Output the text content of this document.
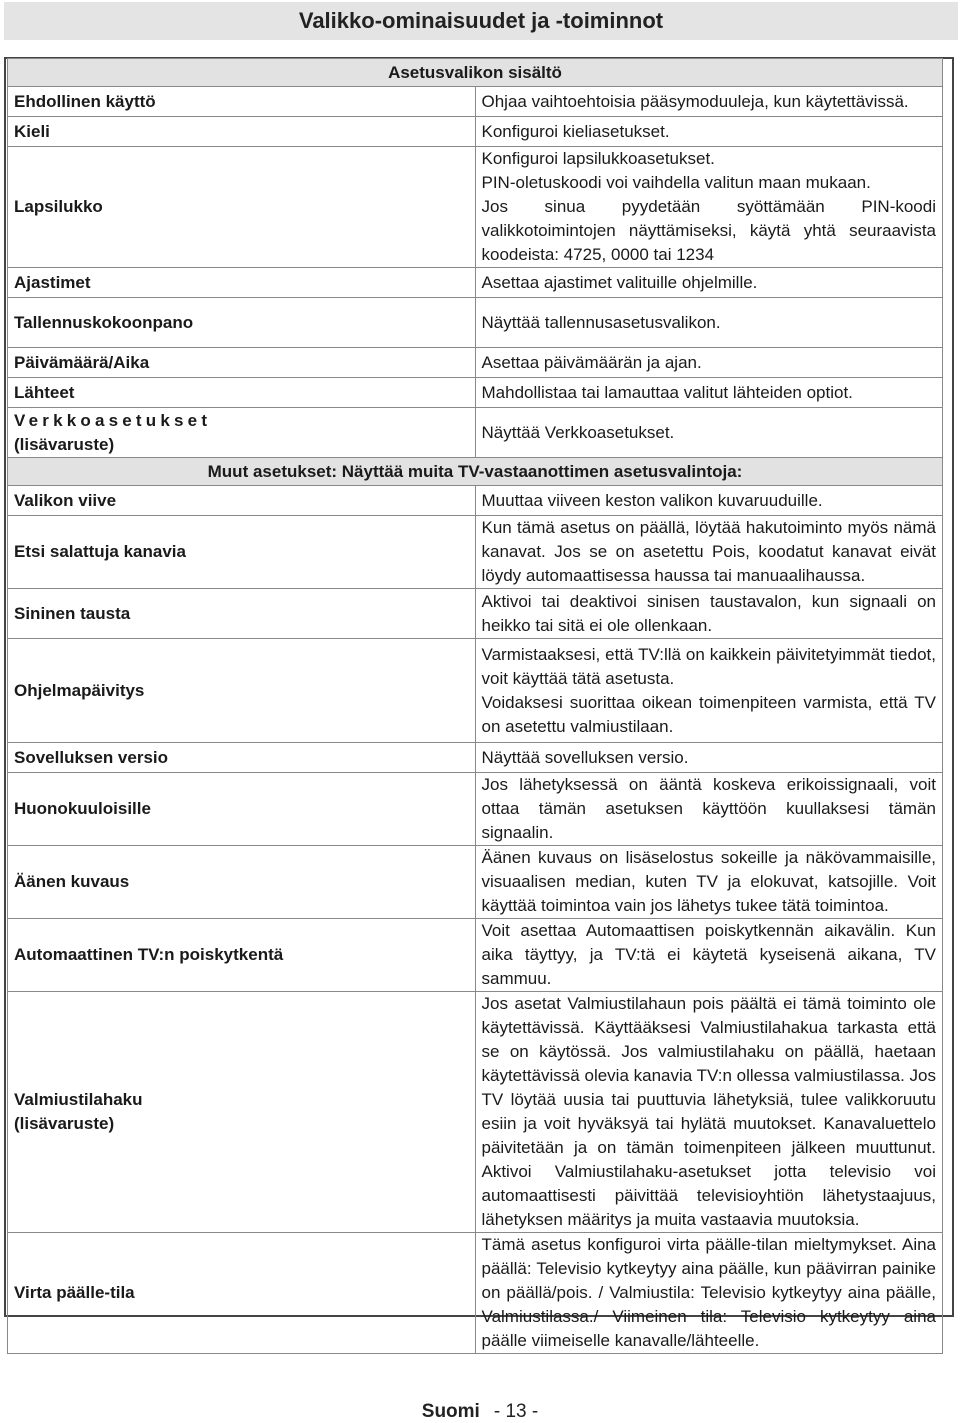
Valikko-ominaisuudet ja -toiminnot
Asetusvalikon sisältö	
Ehdollinen käyttö	Ohjaa vaihtoehtoisia pääsymoduuleja, kun käytettävissä.
Kieli	Konfiguroi kieliasetukset.
Lapsilukko	Konfiguroi lapsilukkoasetukset.
PIN-oletuskoodi voi vaihdella valitun maan mukaan.
Jos sinua pyydetään syöttämään PIN-koodi valikkotoimintojen näyttämiseksi, käytä yhtä seuraavista koodeista: 4725, 0000 tai 1234
Ajastimet	Asettaa ajastimet valituille ohjelmille.
Tallennuskokoonpano	Näyttää tallennusasetusvalikon.
Päivämäärä/Aika	Asettaa päivämäärän ja ajan.
Lähteet	Mahdollistaa tai lamauttaa valitut lähteiden optiot.
Verkkoasetukset
(lisävaruste)	Näyttää Verkkoasetukset.
Muut asetukset: Näyttää muita TV-vastaanottimen asetusvalintoja:	
Valikon viive	Muuttaa viiveen keston valikon kuvaruuduille.
Etsi salattuja kanavia	Kun tämä asetus on päällä, löytää hakutoiminto myös nämä kanavat. Jos se on asetettu Pois, koodatut kanavat eivät löydy automaattisessa haussa tai manuaalihaussa.
Sininen tausta	Aktivoi tai deaktivoi sinisen taustavalon, kun signaali on heikko tai sitä ei ole ollenkaan.
Ohjelmapäivitys	Varmistaaksesi, että TV:llä on kaikkein päivitetyimmät tiedot, voit käyttää tätä asetusta.
Voidaksesi suorittaa oikean toimenpiteen varmista, että TV on asetettu valmiustilaan.
Sovelluksen versio	Näyttää sovelluksen versio.
Huonokuuloisille	Jos lähetyksessä on ääntä koskeva erikoissignaali, voit ottaa tämän asetuksen käyttöön kuullaksesi tämän signaalin.
Äänen kuvaus	Äänen kuvaus on lisäselostus sokeille ja näkövammaisille, visuaalisen median, kuten TV ja elokuvat, katsojille. Voit käyttää toimintoa vain jos lähetys tukee tätä toimintoa.
Automaattinen TV:n poiskytkentä	Voit asettaa Automaattisen poiskytkennän aikavälin. Kun aika täyttyy, ja TV:tä ei käytetä kyseisenä aikana, TV sammuu.
Valmiustilahaku
(lisävaruste)	Jos asetat Valmiustilahaun pois päältä ei tämä toiminto ole käytettävissä. Käyttääksesi Valmiustilahakua tarkasta että se on käytössä. Jos valmiustilahaku on päällä, haetaan käytettävissä olevia kanavia TV:n ollessa valmiustilassa. Jos TV löytää uusia tai puuttuvia lähetyksiä, tulee valikkoruutu esiin ja voit hyväksyä tai hylätä muutokset. Kanavaluettelo päivitetään ja on tämän toimenpiteen jälkeen muuttunut. Aktivoi Valmiustilahaku-asetukset jotta televisio voi automaattisesti päivittää televisioyhtiön lähetystaajuus, lähetyksen määritys ja muita vastaavia muutoksia.
Virta päälle-tila	Tämä asetus konfiguroi virta päälle-tilan mieltymykset. Aina päällä: Televisio kytkeytyy aina päälle, kun päävirran painike on päällä/pois. / Valmiustila: Televisio kytkeytyy aina päälle, Valmiustilassa./ Viimeinen tila: Televisio kytkeytyy aina päälle viimeiselle kanavalle/lähteelle.
Suomi - 13 -
